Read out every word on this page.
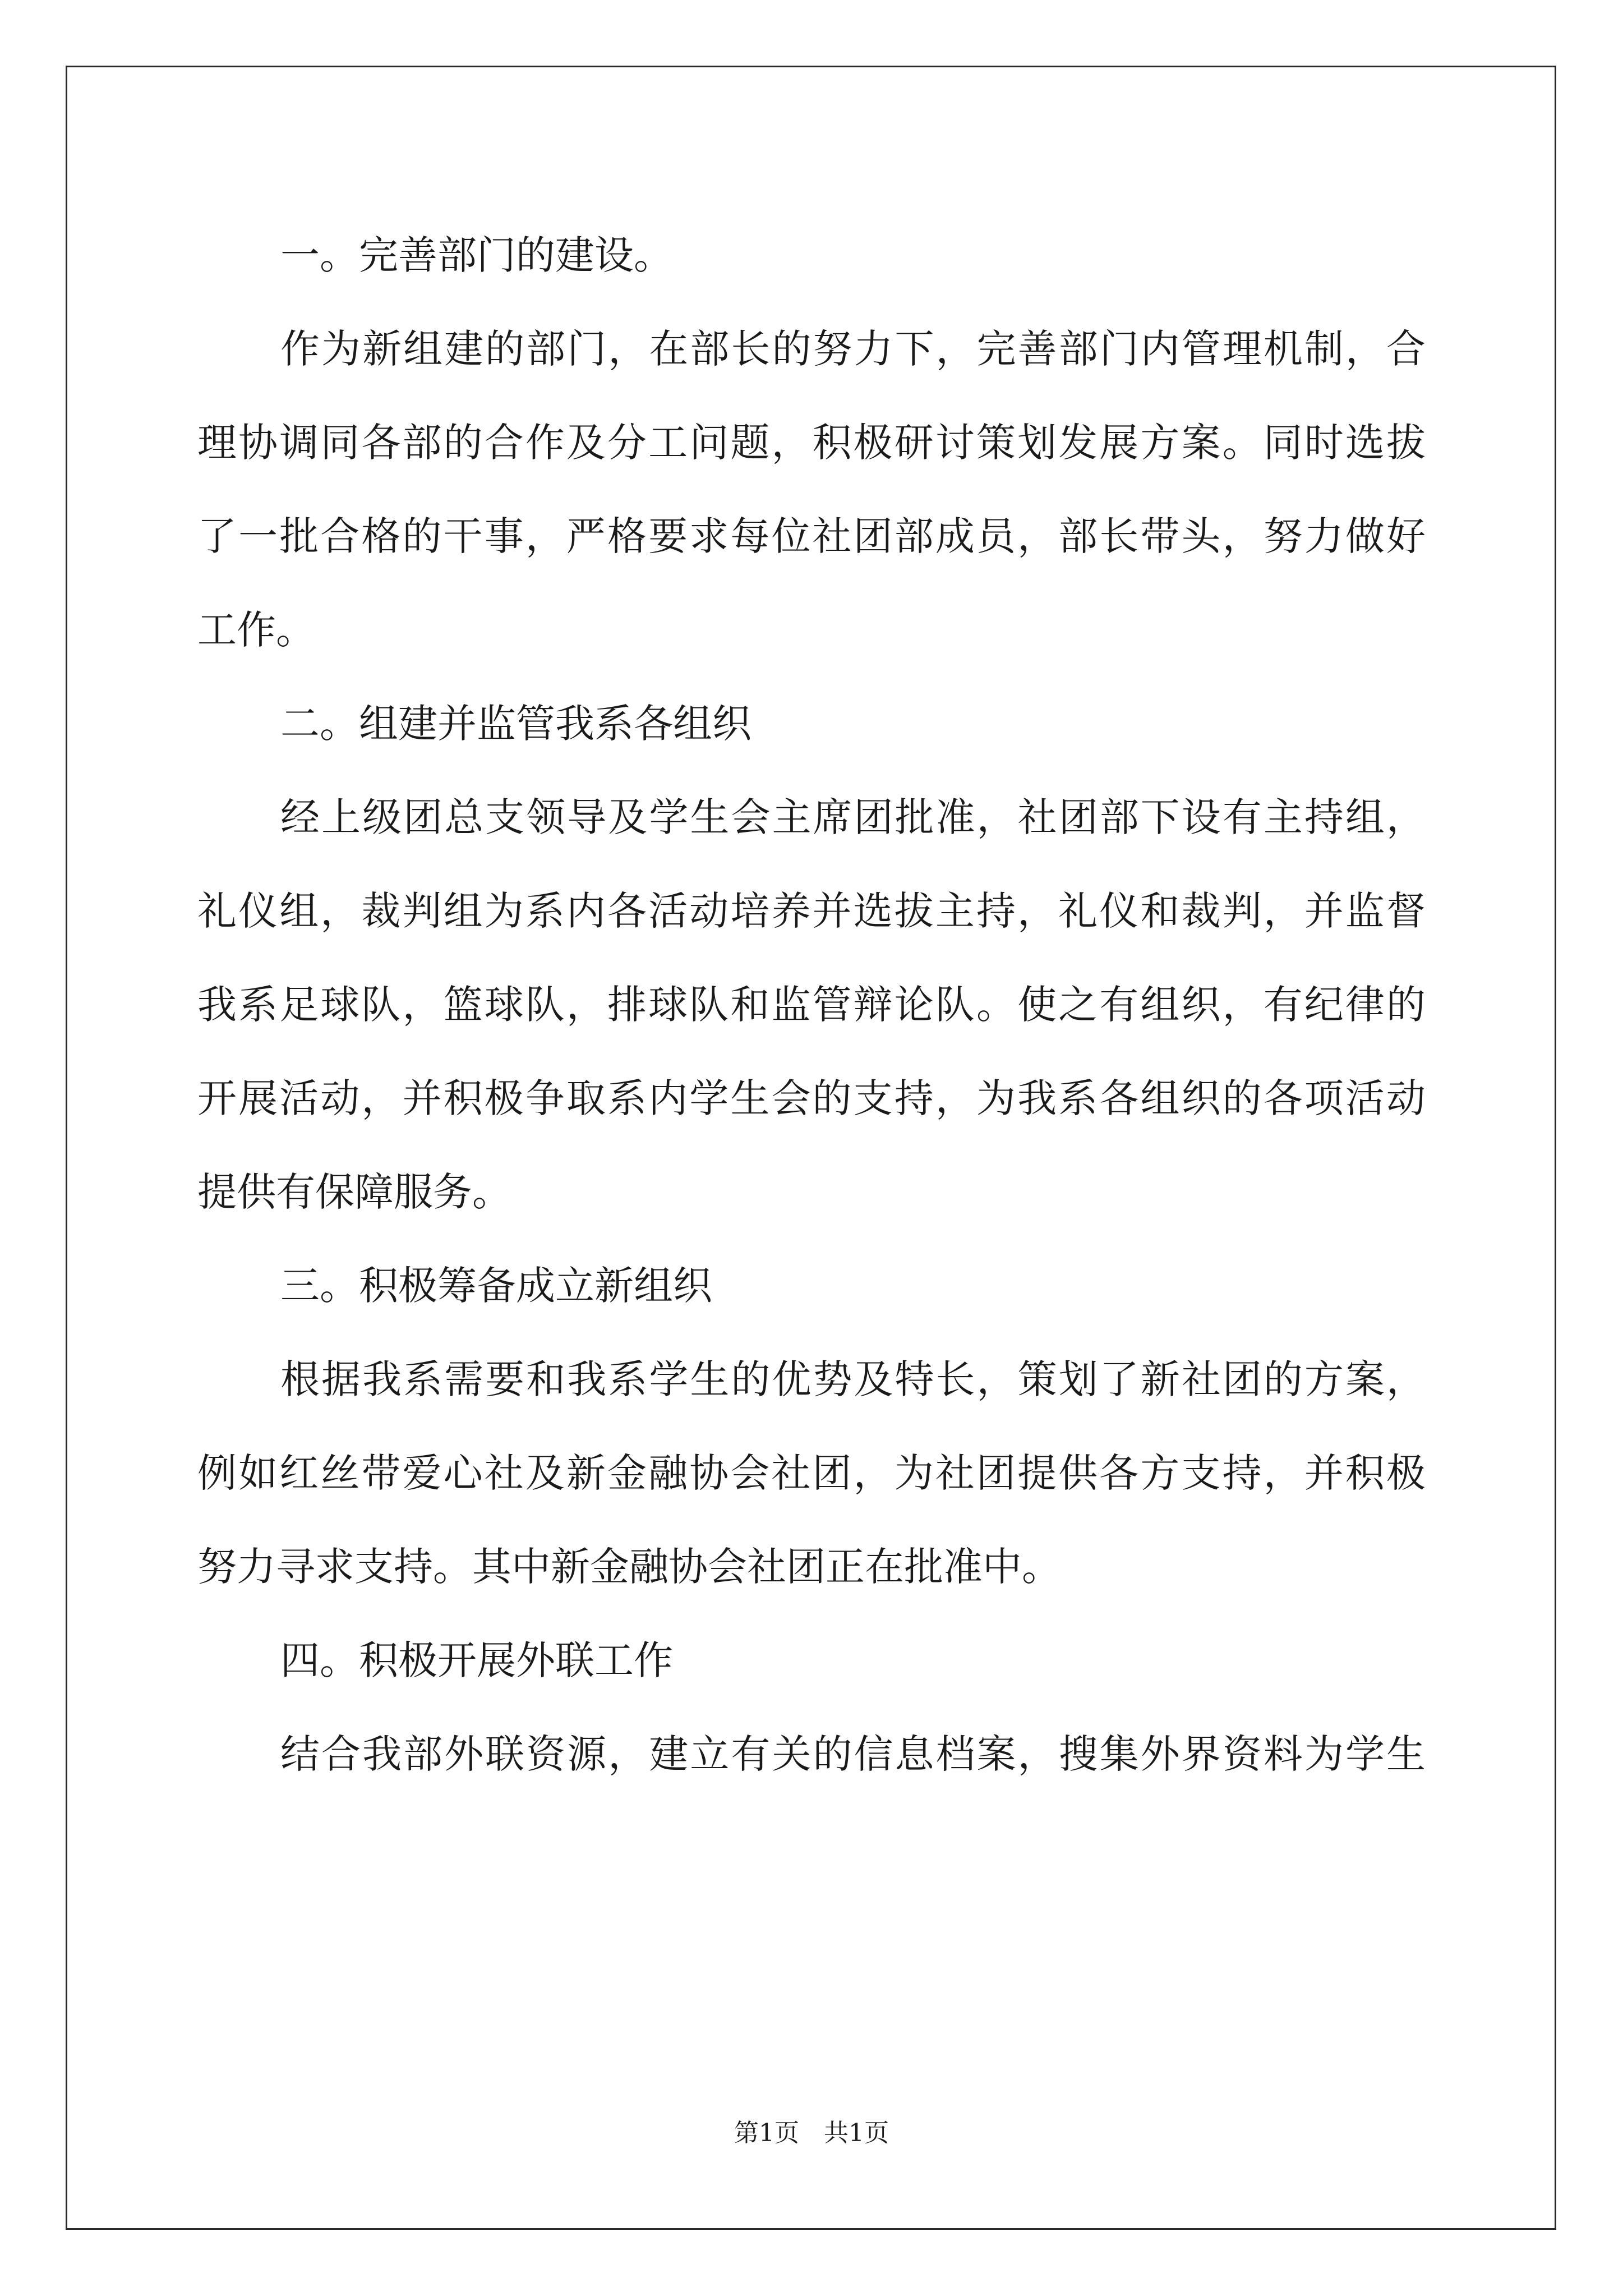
一。完善部门的建设。
作为新组建的部门，在部长的努力下，完善部门内管理机制，合
理协调同各部的合作及分工问题，积极研讨策划发展方案。同时选拔
了一批合格的干事，严格要求每位社团部成员，部长带头，努力做好
工作。
二。组建并监管我系各组织
经上级团总支领导及学生会主席团批准，社团部下设有主持组，
礼仪组，裁判组为系内各活动培养并选拔主持，礼仪和裁判，并监督
我系足球队，篮球队，排球队和监管辩论队。使之有组织，有纪律的
开展活动，并积极争取系内学生会的支持，为我系各组织的各项活动
提供有保障服务。
三。积极筹备成立新组织
根据我系需要和我系学生的优势及特长，策划了新社团的方案，
例如红丝带爱心社及新金融协会社团，为社团提供各方支持，并积极
努力寻求支持。其中新金融协会社团正在批准中。
四。积极开展外联工作
结合我部外联资源，建立有关的信息档案，搜集外界资料为学生
第1页　共1页
